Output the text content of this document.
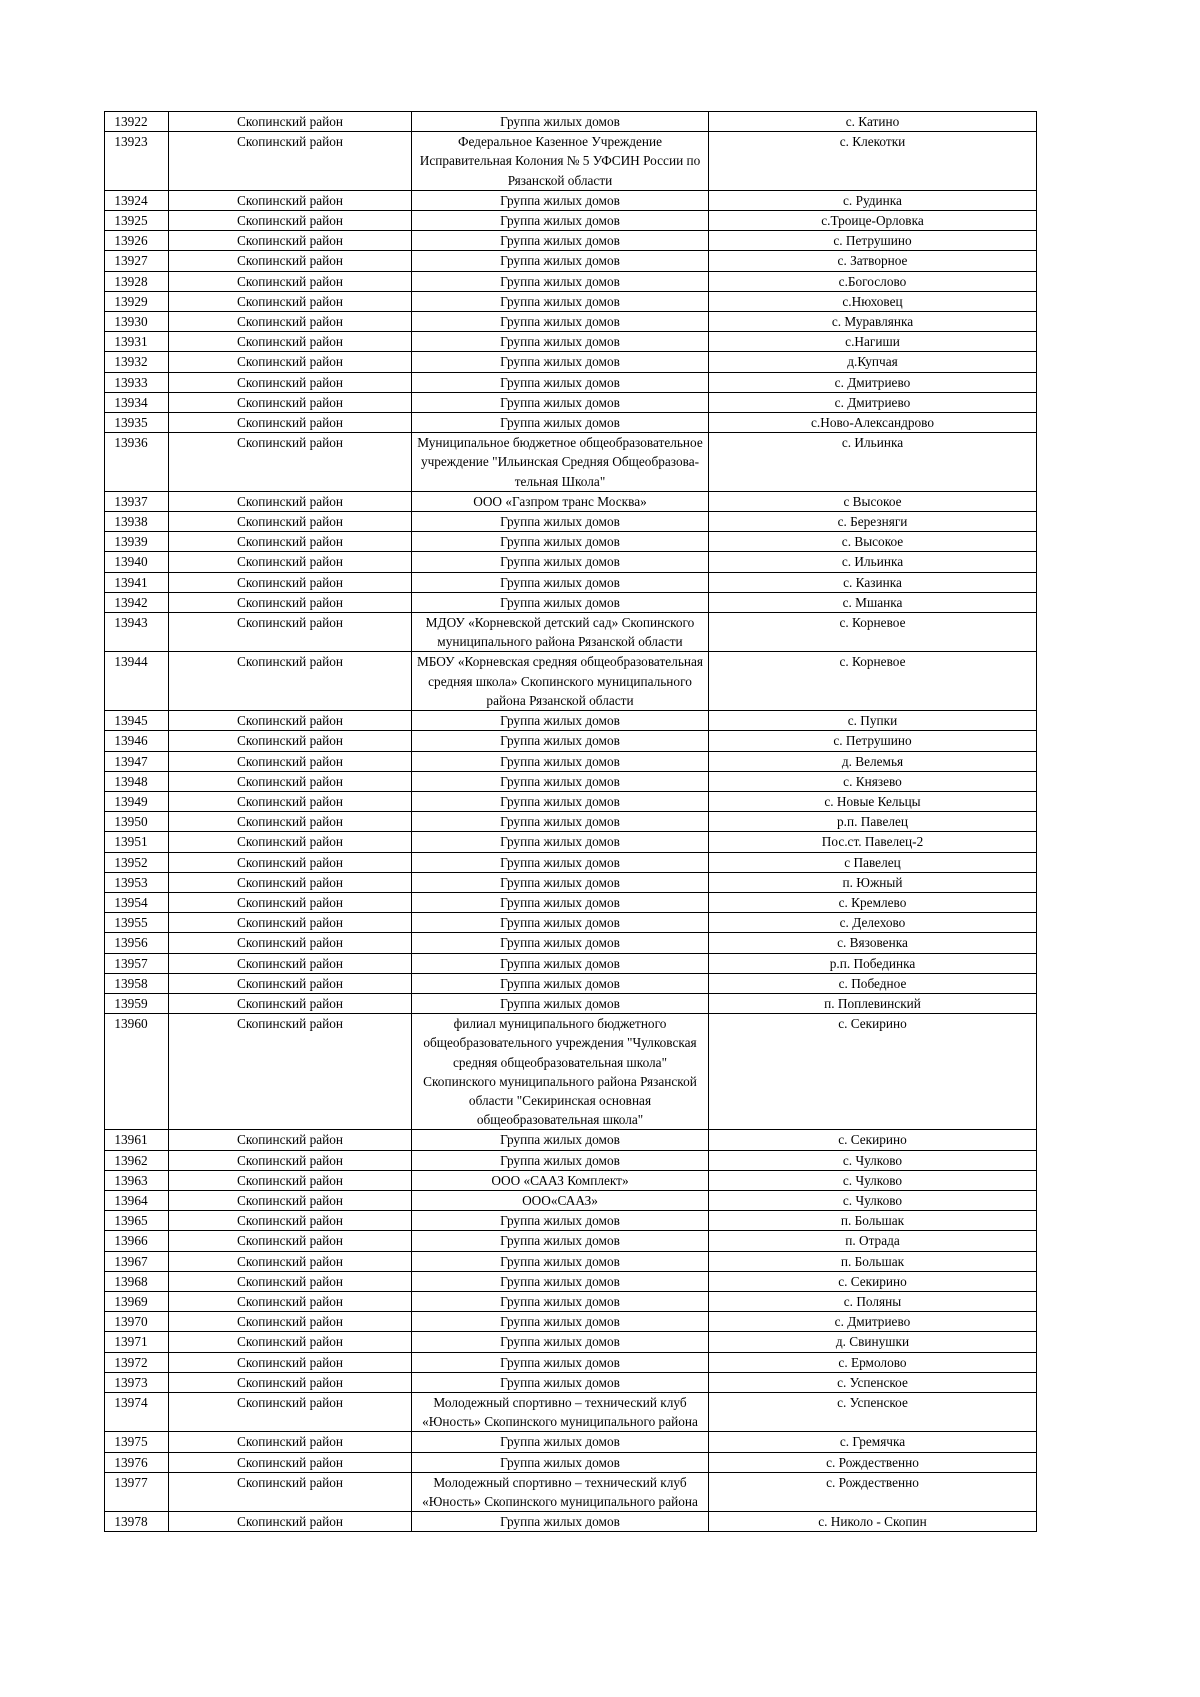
13922	Скопинский район	Группа жилых домов	с. Катино
13923	Скопинский район	Федеральное Казенное Учреждение Исправительная Колония № 5 УФСИН России по Рязанской области	с. Клекотки
13924	Скопинский район	Группа жилых домов	с. Рудинка
13925	Скопинский район	Группа жилых домов	с.Троице-Орловка
13926	Скопинский район	Группа жилых домов	с. Петрушино
13927	Скопинский район	Группа жилых домов	с. Затворное
13928	Скопинский район	Группа жилых домов	с.Богослово
13929	Скопинский район	Группа жилых домов	с.Нюховец
13930	Скопинский район	Группа жилых домов	с. Муравлянка
13931	Скопинский район	Группа жилых домов	с.Нагиши
13932	Скопинский район	Группа жилых домов	д.Купчая
13933	Скопинский район	Группа жилых домов	с. Дмитриево
13934	Скопинский район	Группа жилых домов	с. Дмитриево
13935	Скопинский район	Группа жилых домов	с.Ново-Александрово
13936	Скопинский район	Муниципальное бюджетное общеобразовательное учреждение "Ильинская Средняя Общеобразова-тельная Школа"	с. Ильинка
13937	Скопинский район	ООО «Газпром транс Москва»	с Высокое
13938	Скопинский район	Группа жилых домов	с. Березняги
13939	Скопинский район	Группа жилых домов	с. Высокое
13940	Скопинский район	Группа жилых домов	с. Ильинка
13941	Скопинский район	Группа жилых домов	с. Казинка
13942	Скопинский район	Группа жилых домов	с. Мшанка
13943	Скопинский район	МДОУ «Корневской детский сад» Скопинского муниципального района Рязанской области	с. Корневое
13944	Скопинский район	МБОУ «Корневская средняя общеобразовательная средняя школа» Скопинского муниципального района Рязанской области	с. Корневое
13945	Скопинский район	Группа жилых домов	с. Пупки
13946	Скопинский район	Группа жилых домов	с. Петрушино
13947	Скопинский район	Группа жилых домов	д. Велемья
13948	Скопинский район	Группа жилых домов	с. Князево
13949	Скопинский район	Группа жилых домов	с. Новые Кельцы
13950	Скопинский район	Группа жилых домов	р.п. Павелец
13951	Скопинский район	Группа жилых домов	Пос.ст. Павелец-2
13952	Скопинский район	Группа жилых домов	с Павелец
13953	Скопинский район	Группа жилых домов	п. Южный
13954	Скопинский район	Группа жилых домов	с. Кремлево
13955	Скопинский район	Группа жилых домов	с. Делехово
13956	Скопинский район	Группа жилых домов	с. Вязовенка
13957	Скопинский район	Группа жилых домов	р.п. Побединка
13958	Скопинский район	Группа жилых домов	с. Победное
13959	Скопинский район	Группа жилых домов	п. Поплевинский
13960	Скопинский район	филиал муниципального бюджетного общеобразовательного учреждения "Чулковская средняя общеобразовательная школа" Скопинского муниципального района Рязанской области "Секиринская основная общеобразовательная школа"	с. Секирино
13961	Скопинский район	Группа жилых домов	с. Секирино
13962	Скопинский район	Группа жилых домов	с. Чулково
13963	Скопинский район	ООО «СААЗ Комплект»	с. Чулково
13964	Скопинский район	ООО«СААЗ»	с. Чулково
13965	Скопинский район	Группа жилых домов	п. Большак
13966	Скопинский район	Группа жилых домов	п. Отрада
13967	Скопинский район	Группа жилых домов	п. Большак
13968	Скопинский район	Группа жилых домов	с. Секирино
13969	Скопинский район	Группа жилых домов	с. Поляны
13970	Скопинский район	Группа жилых домов	с. Дмитриево
13971	Скопинский район	Группа жилых домов	д. Свинушки
13972	Скопинский район	Группа жилых домов	с. Ермолово
13973	Скопинский район	Группа жилых домов	с. Успенское
13974	Скопинский район	Молодежный спортивно – технический клуб «Юность» Скопинского муниципального района	с. Успенское
13975	Скопинский район	Группа жилых домов	с. Гремячка
13976	Скопинский район	Группа жилых домов	с. Рождественно
13977	Скопинский район	Молодежный спортивно – технический клуб «Юность» Скопинского муниципального района	с. Рождественно
13978	Скопинский район	Группа жилых домов	с. Николо - Скопин
